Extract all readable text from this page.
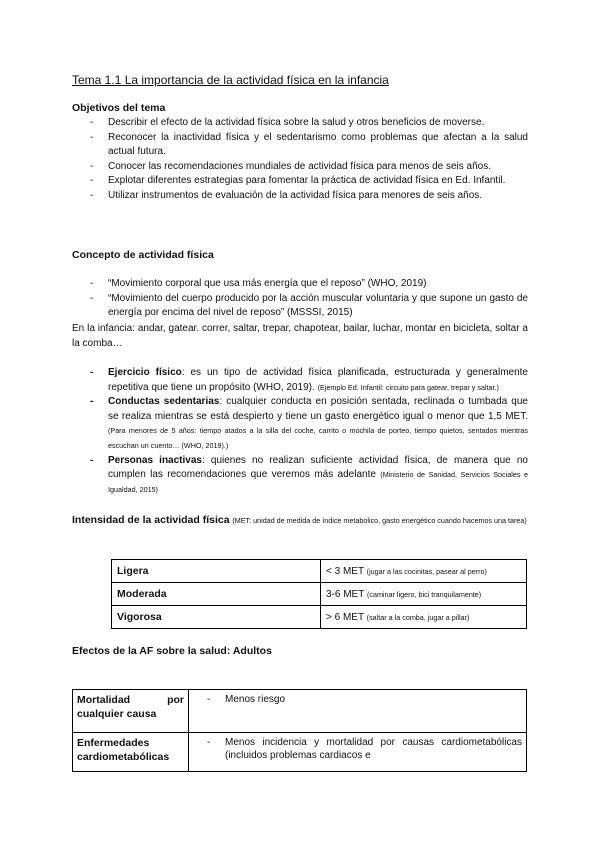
Tema 1.1 La importancia de la actividad física en la infancia
Objetivos del tema
- Describir el efecto de la actividad física sobre la salud y otros beneficios de moverse.
- Reconocer la inactividad física y el sedentarismo como problemas que afectan a la salud actual futura.
- Conocer las recomendaciones mundiales de actividad física para menos de seis años.
- Explotar diferentes estrategias para fomentar la práctica de actividad física en Ed. Infantil.
- Utilizar instrumentos de evaluación de la actividad física para menores de seis años.
Concepto de actividad física
- “Movimiento corporal que usa más energía que el reposo” (WHO, 2019)
- “Movimiento del cuerpo producido por la acción muscular voluntaria y que supone un gasto de energía por encima del nivel de reposo” (MSSSI, 2015)

En la infancia: andar, gatear. correr, saltar, trepar, chapotear, bailar, luchar, montar en bicicleta, soltar a la comba…

- Ejercicio físico: es un tipo de actividad física planificada, estructurada y generalmente repetitiva que tiene un propósito (WHO, 2019). (Ejemplo Ed. Infantil: circuito para gatear, trepar y saltar.)
- Conductas sedentarias: cualquier conducta en posición sentada, reclinada o tumbada que se realiza mientras se está despierto y tiene un gasto energético igual o menor que 1,5 MET. (Para menores de 5 años: tiempo atados a la silla del coche, carrito o mochila de porteo, tiempo quietos, sentados mientras escuchan un cuento… (WHO, 2019).)
- Personas inactivas: quienes no realizan suficiente actividad física, de manera que no cumplen las recomendaciones que veremos más adelante (Ministerio de Sanidad, Servicios Sociales e Igualdad, 2015)

Intensidad de la actividad física (MET: unidad de medida de índice metabolico, gasto energético cuando hacemos una tarea)

Ligera	< 3 MET (jugar a las cocinitas, pasear al perro)
Moderada	3-6 MET (caminar ligero, bici tranquilamente)
Vigorosa	> 6 MET (saltar a la comba, jugar a pillar)
Efectos de la AF sobre la salud: Adultos
Mortalidad por
cualquier causa	- Menos riesgo

Enfermedades
cardiometabólicas	- Menos incidencia y mortalidad por causas cardiometabólicas (incluidos problemas cardiacos e
